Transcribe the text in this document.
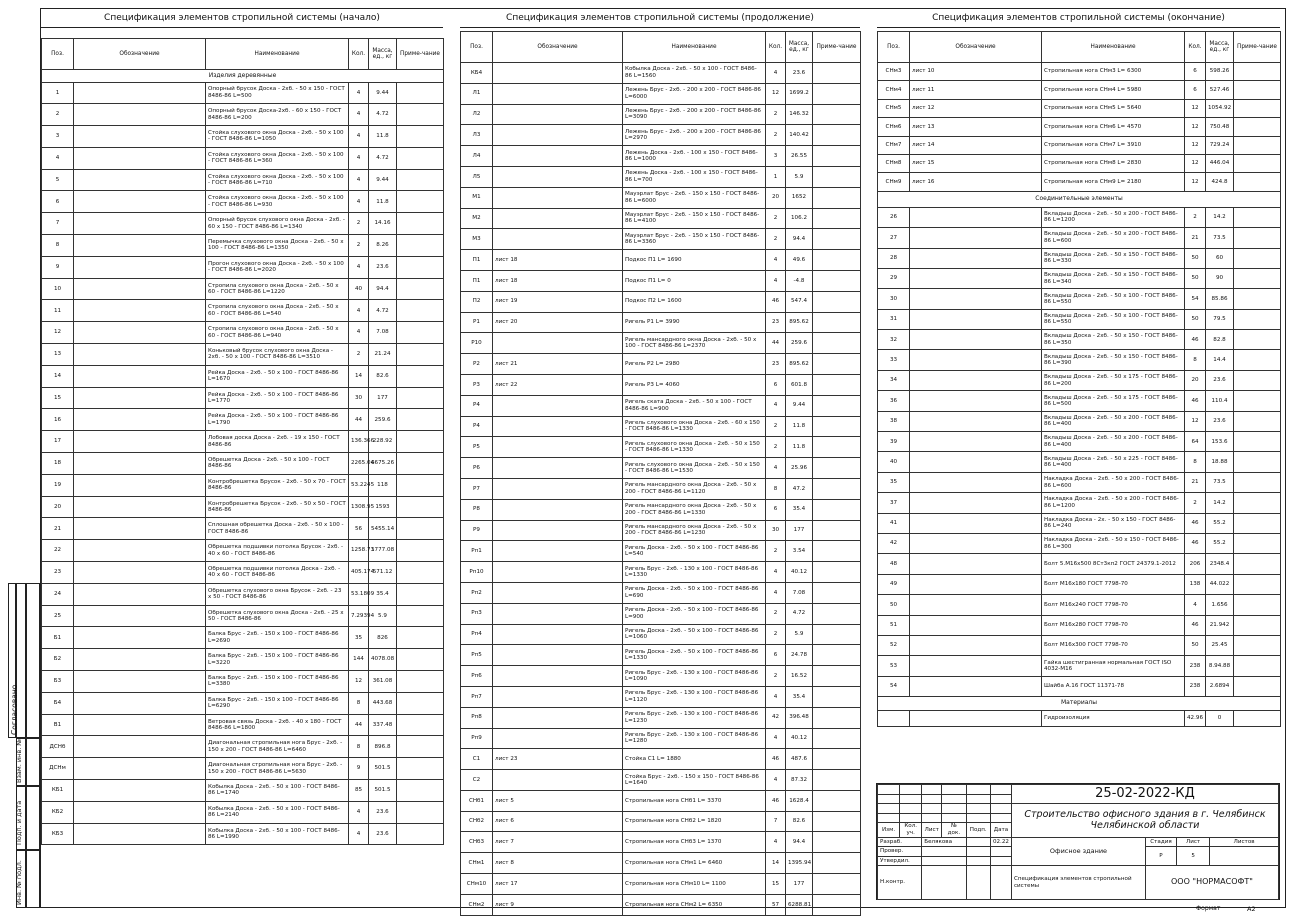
Согласовано
Взам. инв. №
Подп. и дата
Инв. № подл.
Спецификация элементов стропильной системы (начало)
Поз.	Обозначение	Наименование	Кол.	Масса, ед., кг	Приме-чание
Изделия деревянные					
1		Опорный брусок Доска - 2хб. - 50 х 150 - ГОСТ 8486-86 L=500	4	9.44	
2		Опорный брусок Доска-2хб. - 60 х 150 - ГОСТ 8486-86 L=200	4	4.72	
3		Стойка слухового окна Доска - 2хб. - 50 х 100 - ГОСТ 8486-86 L=1050	4	11.8	
4		Стойка слухового окна Доска - 2хб. - 50 х 100 - ГОСТ 8486-86 L=360	4	4.72	
5		Стойка слухового окна Доска - 2хб. - 50 х 100 - ГОСТ 8486-86 L=710	4	9.44	
6		Стойка слухового окна Доска - 2хб. - 50 х 100 - ГОСТ 8486-86 L=930	4	11.8	
7		Опорный брусок слухового окна Доска - 2хб. - 60 х 150 - ГОСТ 8486-86 L=1340	2	14.16	
8		Перемычка слухового окна Доска - 2хб. - 50 х 100 - ГОСТ 8486-86 L=1350	2	8.26	
9		Прогон слухового окна Доска - 2хб. - 50 х 100 - ГОСТ 8486-86 L=2020	4	23.6	
10		Стропила слухового окна Доска - 2хб. - 50 х 60 - ГОСТ 8486-86 L=1220	40	94.4	
11		Стропила слухового окна Доска - 2хб. - 50 х 60 - ГОСТ 8486-86 L=540	4	4.72	
12		Стропила слухового окна Доска - 2хб. - 50 х 60 - ГОСТ 8486-86 L=940	4	7.08	
13		Коньковый брусок слухового окна Доска - 2хб. - 50 х 100 - ГОСТ 8486-86 L=3510	2	21.24	
14		Рейка Доска - 2хб. - 50 х 100 - ГОСТ 8486-86 L=1670	14	82.6	
15		Рейка Доска - 2хб. - 50 х 100 - ГОСТ 8486-86 L=1770	30	177	
16		Рейка Доска - 2хб. - 50 х 100 - ГОСТ 8486-86 L=1790	44	259.6	
17		Лобовая доска Доска - 2хб. - 19 х 150 - ГОСТ 8486-86	136.366	228.92	
18		Обрешетка Доска - 2хб. - 50 х 100 - ГОСТ 8486-86	2265.04	6675.26	
19		Контробрешетка Брусок - 2хб. - 50 х 70 - ГОСТ 8486-86	53.2245	118	
20		Контробрешетка Брусок - 2хб. - 50 х 50 - ГОСТ 8486-86	1308.95	1593	
21		Сплошная обрешетка Доска - 2хб. - 50 х 100 - ГОСТ 8486-86	56	5455.14	
22		Обрешетка подшивки потолка Брусок - 2хб. - 40 х 60 - ГОСТ 8486-86	1258.73	1777.08	
23		Обрешетка подшивки потолка Доска - 2хб. - 40 х 60 - ГОСТ 8486-86	405.174	571.12	
24		Обрешетка слухового окна Брусок - 2хб. - 23 х 50 - ГОСТ 8486-86	53.1809	35.4	
25		Обрешетка слухового окна Доска - 2хб. - 25 х 50 - ГОСТ 8486-86	7.29394	5.9	
Б1		Балка Брус - 2хб. - 150 х 100 - ГОСТ 8486-86 L=2690	35	826	
Б2		Балка Брус - 2хб. - 150 х 100 - ГОСТ 8486-86 L=3220	144	4078.08	
Б3		Балка Брус - 2хб. - 150 х 100 - ГОСТ 8486-86 L=3380	12	361.08	
Б4		Балка Брус - 2хб. - 150 х 100 - ГОСТ 8486-86 L=6290	8	443.68	
В1		Ветровая связь Доска - 2хб. - 40 х 180 - ГОСТ 8486-86 L=1800	44	337.48	
ДСНб		Диагональная стропильная нога Брус - 2хб. - 150 х 200 - ГОСТ 8486-86 L=6460	8	896.8	
ДСНм		Диагональная стропильная нога Брус - 2хб. - 150 х 200 - ГОСТ 8486-86 L=5630	9	501.5	
КБ1		Кобылка Доска - 2хб. - 50 х 100 - ГОСТ 8486-86 L=1740	85	501.5	
КБ2		Кобылка Доска - 2хб. - 50 х 100 - ГОСТ 8486-86 L=2140	4	23.6	
КБ3		Кобылка Доска - 2хб. - 50 х 100 - ГОСТ 8486-86 L=1990	4	23.6	
Спецификация элементов стропильной системы (продолжение)
Поз.	Обозначение	Наименование	Кол.	Масса, ед., кг	Приме-чание
КБ4		Кобылка Доска - 2хб. - 50 х 100 - ГОСТ 8486-86 L=1560	4	23.6	
Л1		Лежень Брус - 2хб. - 200 х 200 - ГОСТ 8486-86 L=6000	12	1699.2	
Л2		Лежень Брус - 2хб. - 200 х 200 - ГОСТ 8486-86 L=3090	2	146.32	
Л3		Лежень Брус - 2хб. - 200 х 200 - ГОСТ 8486-86 L=2970	2	140.42	
Л4		Лежень Доска - 2хб. - 100 х 150 - ГОСТ 8486-86 L=1000	3	26.55	
Л5		Лежень Доска - 2хб. - 100 х 150 - ГОСТ 8486-86 L=700	1	5.9	
М1		Мауэрлат Брус - 2хб. - 150 х 150 - ГОСТ 8486-86 L=6000	20	1652	
М2		Мауэрлат Брус - 2хб. - 150 х 150 - ГОСТ 8486-86 L=4100	2	106.2	
М3		Мауэрлат Брус - 2хб. - 150 х 150 - ГОСТ 8486-86 L=3360	2	94.4	
П1	лист 18	Подкос П1 L= 1690	4	49.6	
П1	лист 18	Подкос П1 L= 0	4	-4.8	
П2	лист 19	Подкос П2 L= 1600	46	547.4	
Р1	лист 20	Ригель Р1 L= 3990	23	895.62	
Р10		Ригель мансардного окна Доска - 2хб. - 50 х 100 - ГОСТ 8486-86 L=2370	44	259.6	
Р2	лист 21	Ригель Р2 L= 2980	23	895.62	
Р3	лист 22	Ригель Р3 L= 4060	6	601.8	
Р4		Ригель ската Доска - 2хб. - 50 х 100 - ГОСТ 8486-86 L=900	4	9.44	
Р4		Ригель слухового окна Доска - 2хб. - 60 х 150 - ГОСТ 8486-86 L=1330	2	11.8	
Р5		Ригель слухового окна Доска - 2хб. - 50 х 150 - ГОСТ 8486-86 L=1330	2	11.8	
Р6		Ригель слухового окна Доска - 2хб. - 50 х 150 - ГОСТ 8486-86 L=1530	4	25.96	
Р7		Ригель мансардного окна Доска - 2хб. - 50 х 200 - ГОСТ 8486-86 L=1120	8	47.2	
Р8		Ригель мансардного окна Доска - 2хб. - 50 х 200 - ГОСТ 8486-86 L=1330	6	35.4	
Р9		Ригель мансардного окна Доска - 2хб. - 50 х 200 - ГОСТ 8486-86 L=1230	30	177	
Рп1		Ригель Доска - 2хб. - 50 х 100 - ГОСТ 8486-86 L=540	2	3.54	
Рп10		Ригель Брус - 2хб. - 130 х 100 - ГОСТ 8486-86 L=1330	4	40.12	
Рп2		Ригель Доска - 2хб. - 50 х 100 - ГОСТ 8486-86 L=690	4	7.08	
Рп3		Ригель Доска - 2хб. - 50 х 100 - ГОСТ 8486-86 L=900	2	4.72	
Рп4		Ригель Доска - 2хб. - 50 х 100 - ГОСТ 8486-86 L=1060	2	5.9	
Рп5		Ригель Доска - 2хб. - 50 х 100 - ГОСТ 8486-86 L=1330	6	24.78	
Рп6		Ригель Брус - 2хб. - 130 х 100 - ГОСТ 8486-86 L=1090	2	16.52	
Рп7		Ригель Брус - 2хб. - 130 х 100 - ГОСТ 8486-86 L=1120	4	35.4	
Рп8		Ригель Брус - 2хб. - 130 х 100 - ГОСТ 8486-86 L=1230	42	396.48	
Рп9		Ригель Брус - 2хб. - 130 х 100 - ГОСТ 8486-86 L=1280	4	40.12	
С1	лист 23	Стойка С1 L= 1880	46	487.6	
С2		Стойка Брус - 2хб. - 150 х 150 - ГОСТ 8486-86 L=1640	4	87.32	
СНб1	лист 5	Стропильная нога СНб1 L= 3370	46	1628.4	
СНб2	лист 6	Стропильная нога СНб2 L= 1820	7	82.6	
СНб3	лист 7	Стропильная нога СНб3 L= 1370	4	94.4	
СНм1	лист 8	Стропильная нога СНм1 L= 6460	14	1395.94	
СНм10	лист 17	Стропильная нога СНм10 L= 1100	15	177	
СНм2	лист 9	Стропильная нога СНм2 L= 6350	57	6288.81	
Спецификация элементов стропильной системы (окончание)
Поз.	Обозначение	Наименование	Кол.	Масса, ед., кг	Приме-чание
СНм3	лист 10	Стропильная нога СНм3 L= 6300	6	598.26	
СНм4	лист 11	Стропильная нога СНм4 L= 5980	6	527.46	
СНм5	лист 12	Стропильная нога СНм5 L= 5640	12	1054.92	
СНм6	лист 13	Стропильная нога СНм6 L= 4570	12	750.48	
СНм7	лист 14	Стропильная нога СНм7 L= 3910	12	729.24	
СНм8	лист 15	Стропильная нога СНм8 L= 2830	12	446.04	
СНм9	лист 16	Стропильная нога СНм9 L= 2180	12	424.8	
Соединительные элементы					
26		Вкладыш Доска - 2хб. - 50 х 200 - ГОСТ 8486-86 L=1200	2	14.2	
27		Вкладыш Доска - 2хб. - 50 х 200 - ГОСТ 8486-86 L=600	21	73.5	
28		Вкладыш Доска - 2хб. - 50 х 150 - ГОСТ 8486-86 L=330	50	60	
29		Вкладыш Доска - 2хб. - 50 х 150 - ГОСТ 8486-86 L=340	50	90	
30		Вкладыш Доска - 2хб. - 50 х 100 - ГОСТ 8486-86 L=550	54	85.86	
31		Вкладыш Доска - 2хб. - 50 х 100 - ГОСТ 8486-86 L=550	50	79.5	
32		Вкладыш Доска - 2хб. - 50 х 150 - ГОСТ 8486-86 L=350	46	82.8	
33		Вкладыш Доска - 2хб. - 50 х 150 - ГОСТ 8486-86 L=390	8	14.4	
34		Вкладыш Доска - 2хб. - 50 х 175 - ГОСТ 8486-86 L=200	20	23.6	
36		Вкладыш Доска - 2хб. - 50 х 175 - ГОСТ 8486-86 L=500	46	110.4	
38		Вкладыш Доска - 2хб. - 50 х 200 - ГОСТ 8486-86 L=400	12	23.6	
39		Вкладыш Доска - 2хб. - 50 х 200 - ГОСТ 8486-86 L=400	64	153.6	
40		Вкладыш Доска - 2хб. - 50 х 225 - ГОСТ 8486-86 L=400	8	18.88	
35		Накладка Доска - 2хб. - 50 х 200 - ГОСТ 8486-86 L=600	21	73.5	
37		Накладка Доска - 2хб. - 50 х 200 - ГОСТ 8486-86 L=1200	2	14.2	
41		Накладка Доска - 2х. - 50 х 150 - ГОСТ 8486-86 L=240	46	55.2	
42		Накладка Доска - 2хб. - 50 х 150 - ГОСТ 8486-86 L=300	46	55.2	
48		Болт 5.М16х500 8Ст3кп2 ГОСТ 24379.1-2012	206	2348.4	
49		Болт М16х180 ГОСТ 7798-70	138	44.022	
50		Болт М16х240 ГОСТ 7798-70	4	1.656	
51		Болт М16х280 ГОСТ 7798-70	46	21.942	
52		Болт М16х300 ГОСТ 7798-70	50	25.45	
53		Гайка шестигранная нормальная ГОСТ ISO 4032-М16	238	8.94.88	
54		Шайба А.16 ГОСТ 11371-78	238	2.6894	
Материалы					
		Гидроизоляция	42.96	0	
						25-02-2022-КД			

						Строительство офисного здания в г. Челябинск Челябинской области			

Изм.	Кол. уч.	Лист	№ док.	Подп.	Дата				
Разраб.		Белякова			02.22	Офисное здание	Стадия	Лист	Листов
Провер.							Р	5	
Утвердил.									
Н.контр.						Спецификация элементов стропильной системы	ООО "НОРМАСОФТ"		

Формат	А2
